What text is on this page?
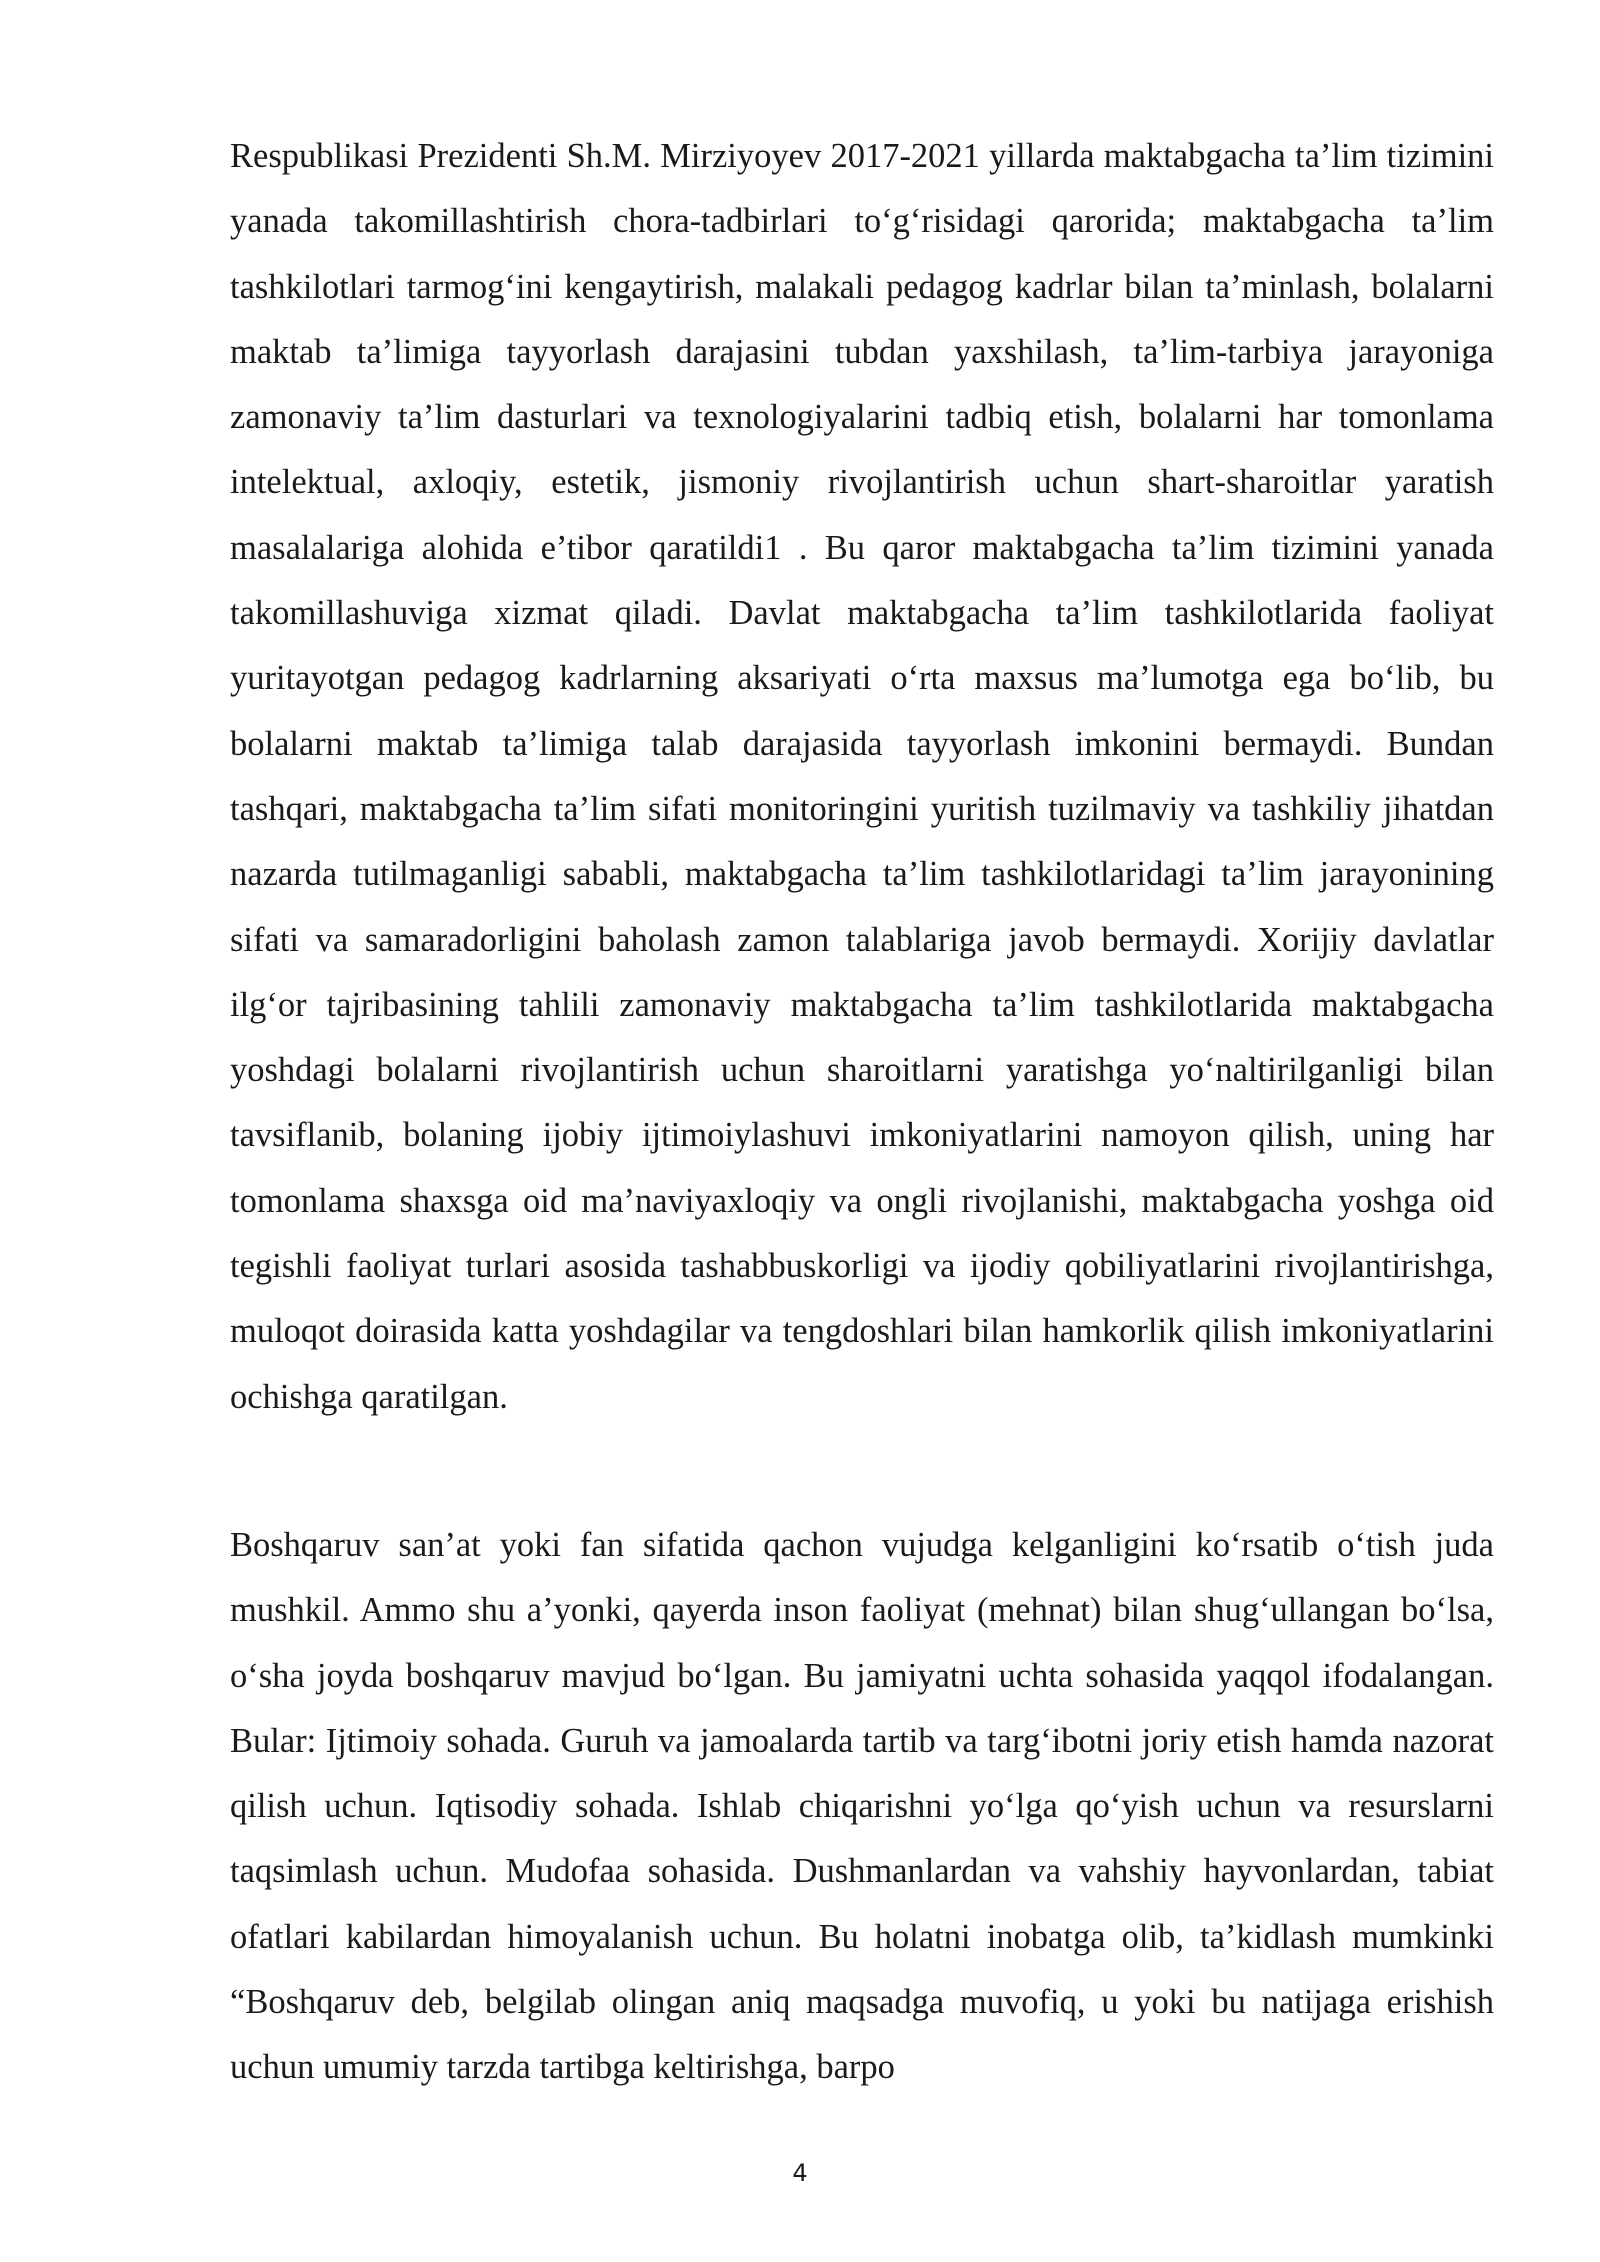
Respublikasi Prezidenti Sh.M. Mirziyoyev 2017-2021 yillarda maktabgacha ta’lim tizimini yanada takomillashtirish chora-tadbirlari to‘g‘risidagi qarorida; maktabgacha ta’lim tashkilotlari tarmog‘ini kengaytirish, malakali pedagog kadrlar bilan ta’minlash, bolalarni maktab ta’limiga tayyorlash darajasini tubdan yaxshilash, ta’lim-tarbiya jarayoniga zamonaviy ta’lim dasturlari va texnologiyalarini tadbiq etish, bolalarni har tomonlama intelektual, axloqiy, estetik, jismoniy rivojlantirish uchun shart-sharoitlar yaratish masalalariga alohida e’tibor qaratildi1 . Bu qaror maktabgacha ta’lim tizimini yanada takomillashuviga xizmat qiladi. Davlat maktabgacha ta’lim tashkilotlarida faoliyat yuritayotgan pedagog kadrlarning aksariyati o‘rta maxsus ma’lumotga ega bo‘lib, bu bolalarni maktab ta’limiga talab darajasida tayyorlash imkonini bermaydi. Bundan tashqari, maktabgacha ta’lim sifati monitoringini yuritish tuzilmaviy va tashkiliy jihatdan nazarda tutilmaganligi sababli, maktabgacha ta’lim tashkilotlaridagi ta’lim jarayonining sifati va samaradorligini baholash zamon talablariga javob bermaydi. Xorijiy davlatlar ilg‘or tajribasining tahlili zamonaviy maktabgacha ta’lim tashkilotlarida maktabgacha yoshdagi bolalarni rivojlantirish uchun sharoitlarni yaratishga yo‘naltirilganligi bilan tavsiflanib, bolaning ijobiy ijtimoiylashuvi imkoniyatlarini namoyon qilish, uning har tomonlama shaxsga oid ma’naviyaxloqiy va ongli rivojlanishi, maktabgacha yoshga oid tegishli faoliyat turlari asosida tashabbuskorligi va ijodiy qobiliyatlarini rivojlantirishga, muloqot doirasida katta yoshdagilar va tengdoshlari bilan hamkorlik qilish imkoniyatlarini ochishga qaratilgan.

Boshqaruv san’at yoki fan sifatida qachon vujudga kelganligini ko‘rsatib o‘tish juda mushkil. Ammo shu a’yonki, qayerda inson faoliyat (mehnat) bilan shug‘ullangan bo‘lsa, o‘sha joyda boshqaruv mavjud bo‘lgan. Bu jamiyatni uchta sohasida yaqqol ifodalangan. Bular: Ijtimoiy sohada. Guruh va jamoalarda tartib va targ‘ibotni joriy etish hamda nazorat qilish uchun. Iqtisodiy sohada. Ishlab chiqarishni yo‘lga qo‘yish uchun va resurslarni taqsimlash uchun. Mudofaa sohasida. Dushmanlardan va vahshiy hayvonlardan, tabiat ofatlari kabilardan himoyalanish uchun. Bu holatni inobatga olib, ta’kidlash mumkinki “Boshqaruv deb, belgilab olingan aniq maqsadga muvofiq, u yoki bu natijaga erishish uchun umumiy tarzda tartibga keltirishga, barpo

4
